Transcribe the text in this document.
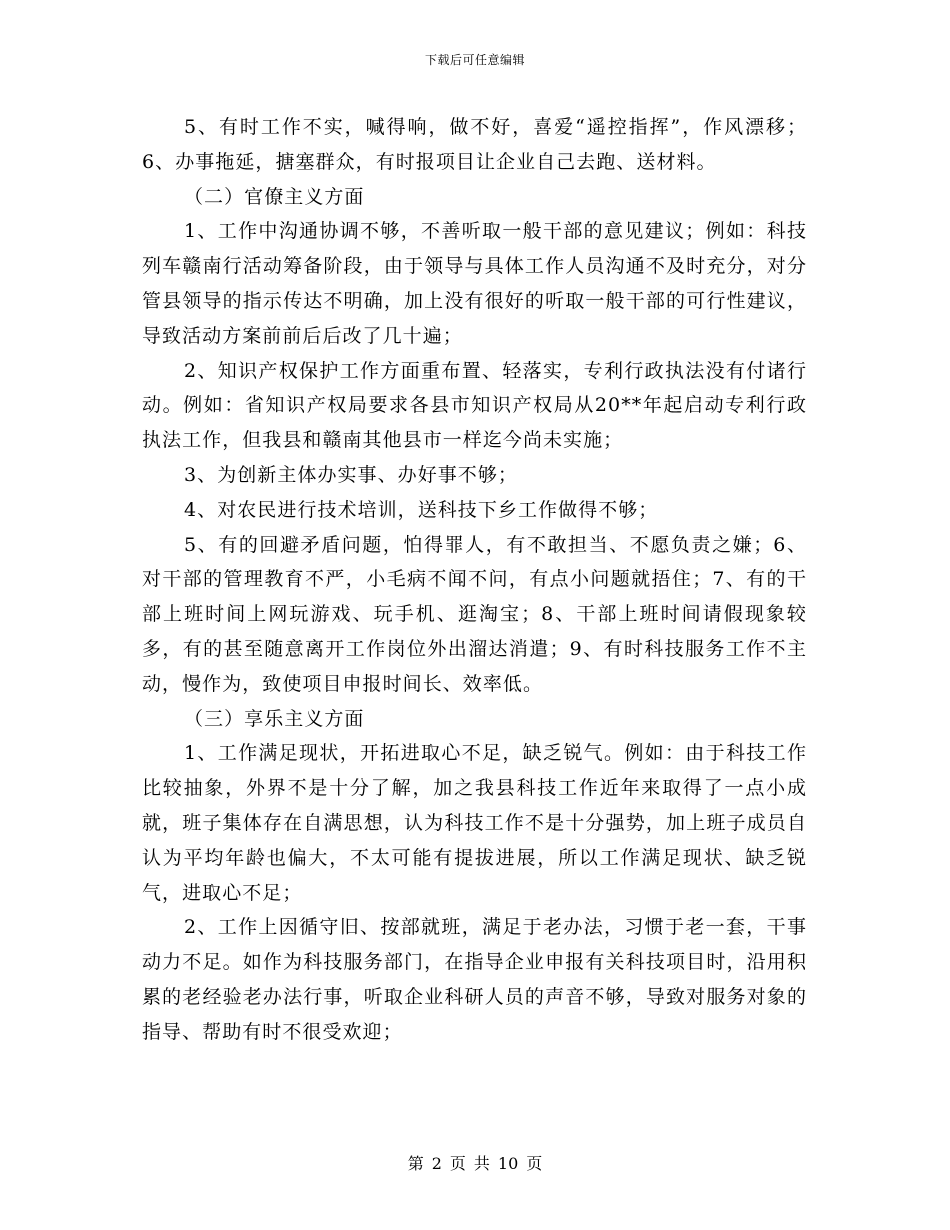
下载后可任意编辑

5、有时工作不实，喊得响，做不好，喜爱“遥控指挥”，作风漂移；6、办事拖延，搪塞群众，有时报项目让企业自己去跑、送材料。

（二）官僚主义方面

1、工作中沟通协调不够，不善听取一般干部的意见建议；例如：科技列车赣南行活动筹备阶段，由于领导与具体工作人员沟通不及时充分，对分管县领导的指示传达不明确，加上没有很好的听取一般干部的可行性建议，导致活动方案前前后后改了几十遍；

2、知识产权保护工作方面重布置、轻落实，专利行政执法没有付诸行动。例如：省知识产权局要求各县市知识产权局从20**年起启动专利行政执法工作，但我县和赣南其他县市一样迄今尚未实施；

3、为创新主体办实事、办好事不够；

4、对农民进行技术培训，送科技下乡工作做得不够；

5、有的回避矛盾问题，怕得罪人，有不敢担当、不愿负责之嫌；6、对干部的管理教育不严，小毛病不闻不问，有点小问题就捂住；7、有的干部上班时间上网玩游戏、玩手机、逛淘宝；8、干部上班时间请假现象较多，有的甚至随意离开工作岗位外出溜达消遣；9、有时科技服务工作不主动，慢作为，致使项目申报时间长、效率低。

（三）享乐主义方面

1、工作满足现状，开拓进取心不足，缺乏锐气。例如：由于科技工作比较抽象，外界不是十分了解，加之我县科技工作近年来取得了一点小成就，班子集体存在自满思想，认为科技工作不是十分强势，加上班子成员自认为平均年龄也偏大，不太可能有提拔进展，所以工作满足现状、缺乏锐气，进取心不足；

2、工作上因循守旧、按部就班，满足于老办法，习惯于老一套，干事动力不足。如作为科技服务部门，在指导企业申报有关科技项目时，沿用积累的老经验老办法行事，听取企业科研人员的声音不够，导致对服务对象的指导、帮助有时不很受欢迎；

第 2 页 共 10 页
